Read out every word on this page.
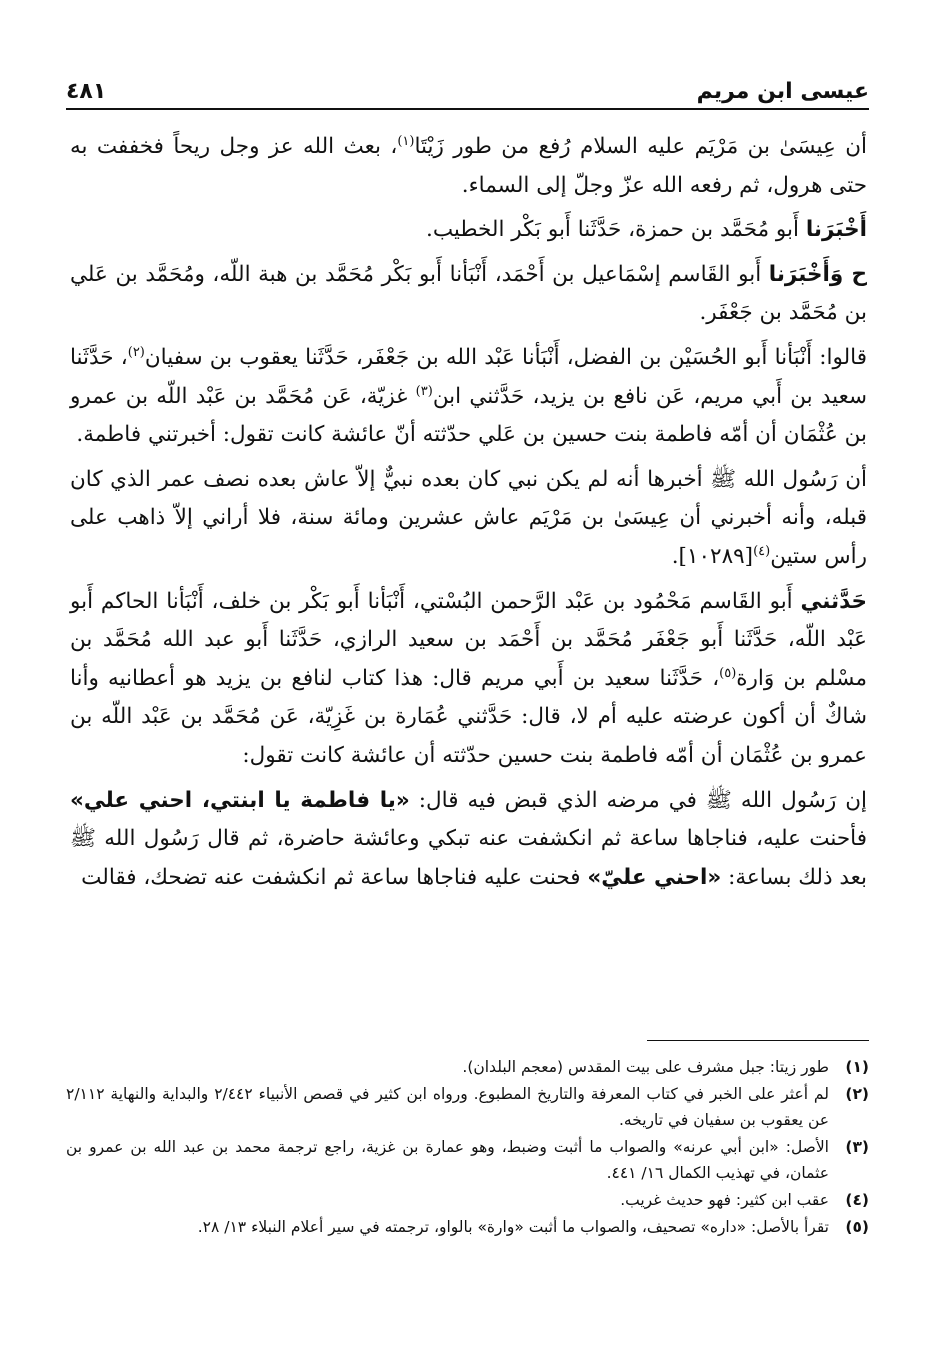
عيسى ابن مريم
٤٨١

أن عِيسَىٰ بن مَرْيَم عليه السلام رُفع من طور زَيْتَا$^{(١)}$، بعث الله عز وجل ريحاً فخففت به حتى هرول، ثم رفعه الله عزّ وجلّ إلى السماء.

أَخْبَرَنا أَبو مُحَمَّد بن حمزة، حَدَّثَنا أَبو بَكْر الخطيب.

ح وَأَخْبَرَنا أَبو القَاسم إسْمَاعيل بن أَحْمَد، أَنْبَأنا أَبو بَكْر مُحَمَّد بن هبة اللّه، ومُحَمَّد بن عَلي بن مُحَمَّد بن جَعْفَر.

قالوا: أَنْبَأنا أَبو الحُسَيْن بن الفضل، أَنْبَأنا عَبْد الله بن جَعْفَر، حَدَّثَنا يعقوب بن سفيان$^{(٢)}$، حَدَّثَنا سعيد بن أَبي مريم، عَن نافع بن يزيد، حَدَّثني ابن$^{(٣)}$ غزيّة، عَن مُحَمَّد بن عَبْد اللّه بن عمرو بن عُثْمَان أن أمّه فاطمة بنت حسين بن عَلي حدّثته أنّ عائشة كانت تقول: أخبرتني فاطمة.

أن رَسُول الله ﷺ أخبرها أنه لم يكن نبي كان بعده نبيٌّ إلاّ عاش بعده نصف عمر الذي كان قبله، وأنه أخبرني أن عِيسَىٰ بن مَرْيَم عاش عشرين ومائة سنة، فلا أراني إلاّ ذاهب على رأس ستين$^{(٤)}$[١٠٢٨٩].

حَدَّثني أَبو القَاسم مَحْمُود بن عَبْد الرَّحمن البُسْتي، أَنْبَأنا أَبو بَكْر بن خلف، أَنْبَأنا الحاكم أَبو عَبْد اللّه، حَدَّثَنا أَبو جَعْفَر مُحَمَّد بن أَحْمَد بن سعيد الرازي، حَدَّثَنا أَبو عبد الله مُحَمَّد بن مسْلم بن وَارة$^{(٥)}$، حَدَّثَنا سعيد بن أَبي مريم قال: هذا كتاب لنافع بن يزيد هو أعطانيه وأنا شاكٌ أن أكون عرضته عليه أم لا، قال: حَدَّثني عُمَارة بن غَزِيّة، عَن مُحَمَّد بن عَبْد اللّه بن عمرو بن عُثْمَان أن أمّه فاطمة بنت حسين حدّثته أن عائشة كانت تقول:

إن رَسُول الله ﷺ في مرضه الذي قبض فيه قال: «يا فاطمة يا ابنتي، احني علي» فأحنت عليه، فناجاها ساعة ثم انكشفت عنه تبكي وعائشة حاضرة، ثم قال رَسُول الله ﷺ بعد ذلك بساعة: «احني عليّ» فحنت عليه فناجاها ساعة ثم انكشفت عنه تضحك، فقالت

(١)
طور زيتا: جبل مشرف على بيت المقدس (معجم البلدان).

(٢)
لم أعثر على الخبر في كتاب المعرفة والتاريخ المطبوع. ورواه ابن كثير في قصص الأنبياء ٢/٤٤٢ والبداية والنهاية ٢/١١٢ عن يعقوب بن سفيان في تاريخه.

(٣)
الأصل: «ابن أبي عرنه» والصواب ما أثبت وضبط، وهو عمارة بن غزية، راجع ترجمة محمد بن عبد الله بن عمرو بن عثمان، في تهذيب الكمال ١٦/ ٤٤١.

(٤)
عقب ابن كثير: فهو حديث غريب.

(٥)
تقرأ بالأصل: «داره» تصحيف، والصواب ما أثبت «وارة» بالواو، ترجمته في سير أعلام النبلاء ١٣/ ٢٨.
